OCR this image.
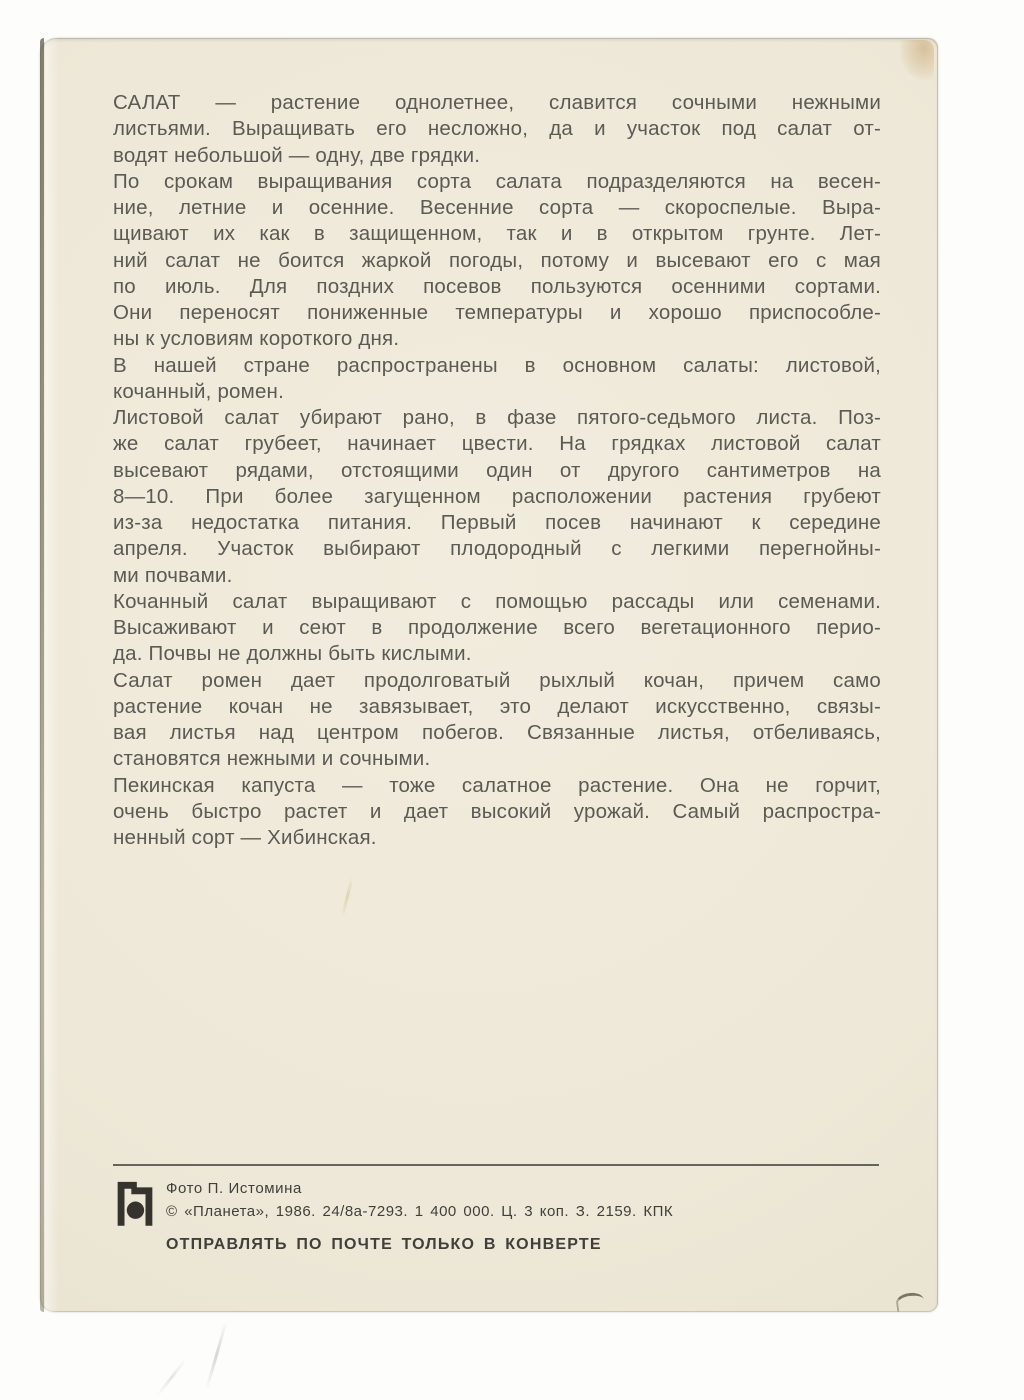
САЛАТ — растение однолетнее, славится сочными нежными
листьями. Выращивать его несложно, да и участок под салат от-
водят небольшой — одну, две грядки.
По срокам выращивания сорта салата подразделяются на весен-
ние, летние и осенние. Весенние сорта — скороспелые. Выра-
щивают их как в защищенном, так и в открытом грунте. Лет-
ний салат не боится жаркой погоды, потому и высевают его с мая
по июль. Для поздних посевов пользуются осенними сортами.
Они переносят пониженные температуры и хорошо приспособле-
ны к условиям короткого дня.
В нашей стране распространены в основном салаты: листовой,
кочанный, ромен.
Листовой салат убирают рано, в фазе пятого-седьмого листа. Поз-
же салат грубеет, начинает цвести. На грядках листовой салат
высевают рядами, отстоящими один от другого сантиметров на
8—10. При более загущенном расположении растения грубеют
из-за недостатка питания. Первый посев начинают к середине
апреля. Участок выбирают плодородный с легкими перегнойны-
ми почвами.
Кочанный салат выращивают с помощью рассады или семенами.
Высаживают и сеют в продолжение всего вегетационного перио-
да. Почвы не должны быть кислыми.
Салат ромен дает продолговатый рыхлый кочан, причем само
растение кочан не завязывает, это делают искусственно, связы-
вая листья над центром побегов. Связанные листья, отбеливаясь,
становятся нежными и сочными.
Пекинская капуста — тоже салатное растение. Она не горчит,
очень быстро растет и дает высокий урожай. Самый распростра-
ненный сорт — Хибинская.
Фото П. Истомина
© «Планета», 1986. 24/8а-7293. 1 400 000. Ц. 3 коп. З. 2159. КПК
ОТПРАВЛЯТЬ ПО ПОЧТЕ ТОЛЬКО В КОНВЕРТЕ
